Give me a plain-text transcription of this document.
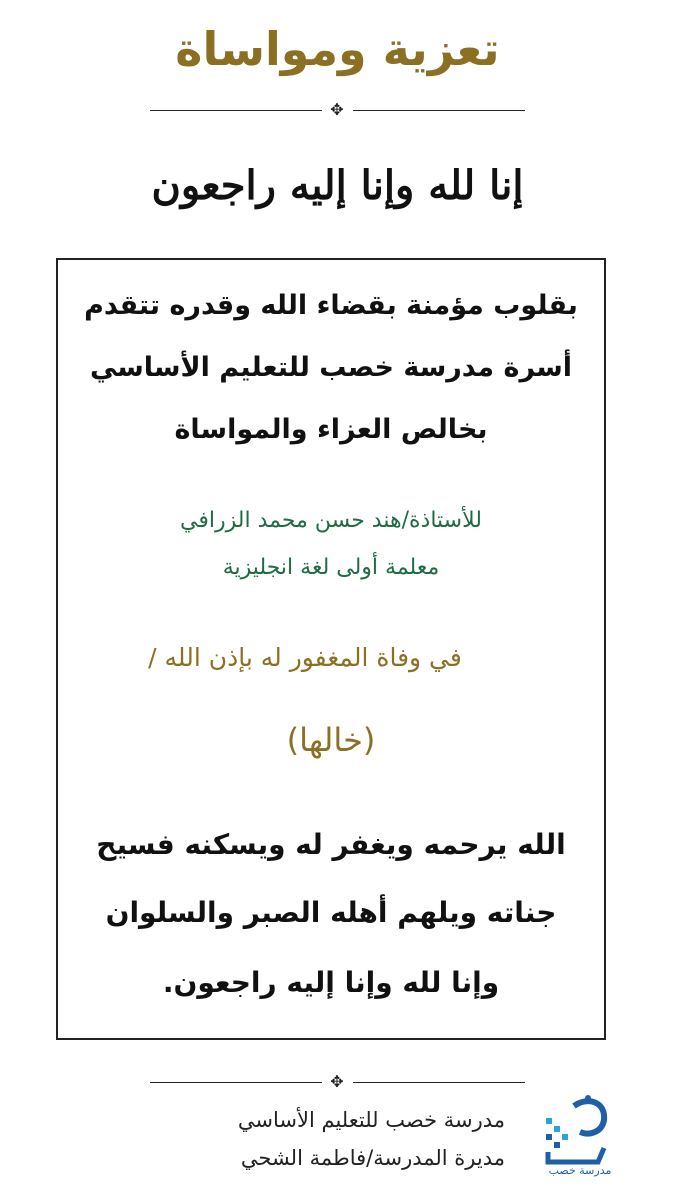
تعزية ومواساة
✥
إنا لله وإنا إليه راجعون
بقلوب مؤمنة بقضاء الله وقدره تتقدم
أسرة مدرسة خصب للتعليم الأساسي
بخالص العزاء والمواساة
للأستاذة/هند حسن محمد الزرافي
معلمة أولى لغة انجليزية
في وفاة المغفور له بإذن الله /
(خالها)
الله يرحمه ويغفر له ويسكنه فسيح
جناته ويلهم أهله الصبر والسلوان
وإنا لله وإنا إليه راجعون.
✥
مدرسة خصب للتعليم الأساسي
مديرة المدرسة/فاطمة الشحي
مدرسة خصب
